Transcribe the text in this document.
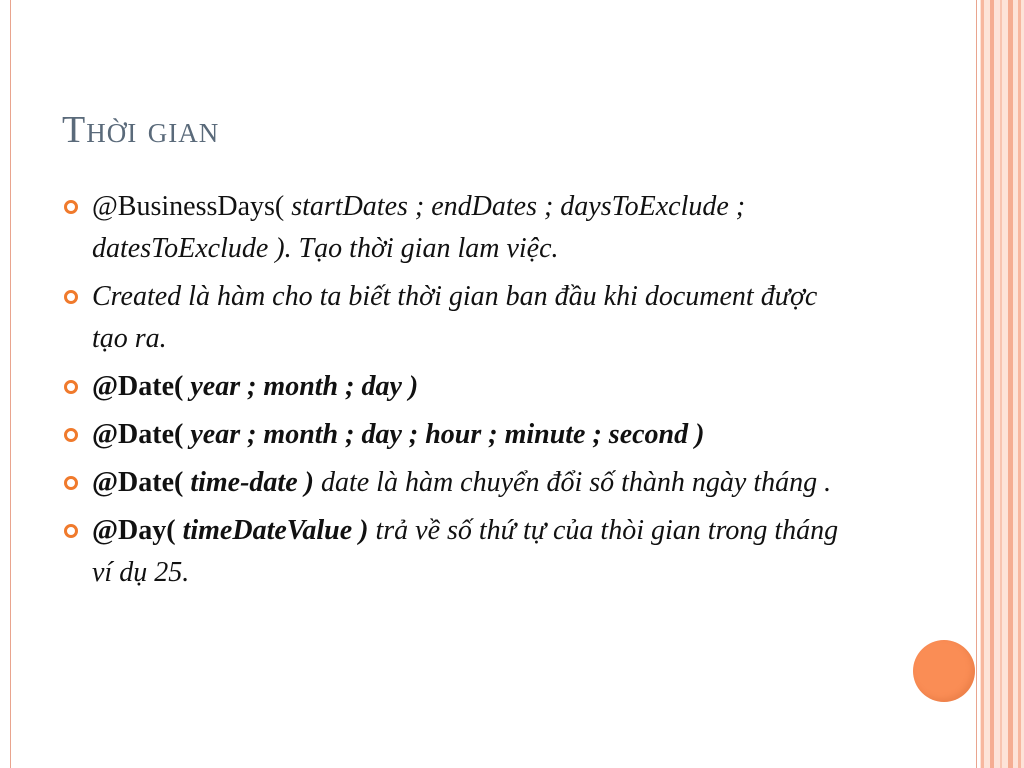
Thời gian
@BusinessDays( startDates ; endDates ; daysToExclude ; datesToExclude ). Tạo thời gian lam việc.
Created là hàm cho ta biết thời gian ban đầu khi document được tạo ra.
@Date( year ; month ; day )
@Date( year ; month ; day ; hour ; minute ; second )
@Date( time-date ) date là hàm chuyển đổi số thành ngày tháng .
@Day( timeDateValue ) trả về số thứ tự của thòi gian trong tháng ví dụ 25.
